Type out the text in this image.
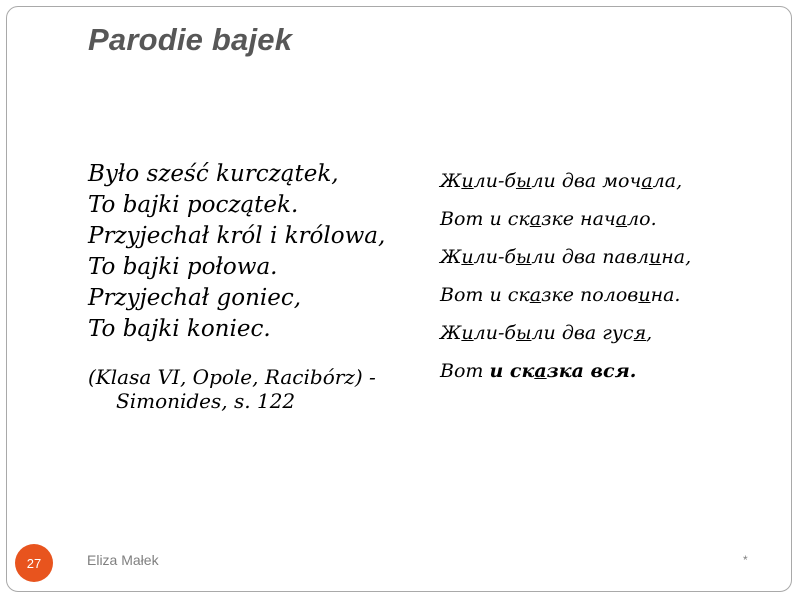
Parodie bajek

Było sześć kurczątek,

To bajki początek.

Przyjechał król i królowa,

To bajki połowa.

Przyjechał goniec,

To bajki koniec.

(Klasa VI, Opole, Racibórz) - Simonides, s. 122

Жили-были два мочала,

Вот и сказке начало.

Жили-были два павлина,

Вот и сказке половина.

Жили-были два гуся,

Вот и сказка вся.

27	Eliza Małek	*
